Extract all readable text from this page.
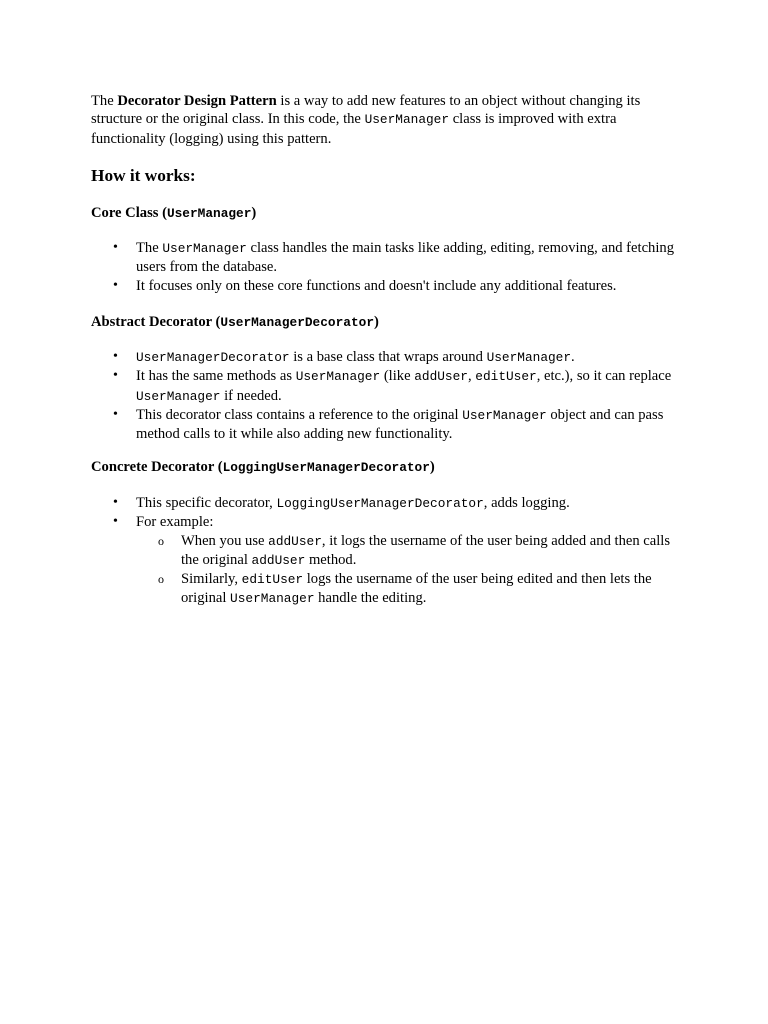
The Decorator Design Pattern is a way to add new features to an object without changing its structure or the original class. In this code, the UserManager class is improved with extra functionality (logging) using this pattern.

How it works:
Core Class (UserManager)
• The UserManager class handles the main tasks like adding, editing, removing, and fetching users from the database.
• It focuses only on these core functions and doesn't include any additional features.
Abstract Decorator (UserManagerDecorator)
• UserManagerDecorator is a base class that wraps around UserManager.
• It has the same methods as UserManager (like addUser, editUser, etc.), so it can replace UserManager if needed.
• This decorator class contains a reference to the original UserManager object and can pass method calls to it while also adding new functionality.
Concrete Decorator (LoggingUserManagerDecorator)
• This specific decorator, LoggingUserManagerDecorator, adds logging.
• For example:
o When you use addUser, it logs the username of the user being added and then calls the original addUser method.
o Similarly, editUser logs the username of the user being edited and then lets the original UserManager handle the editing.
